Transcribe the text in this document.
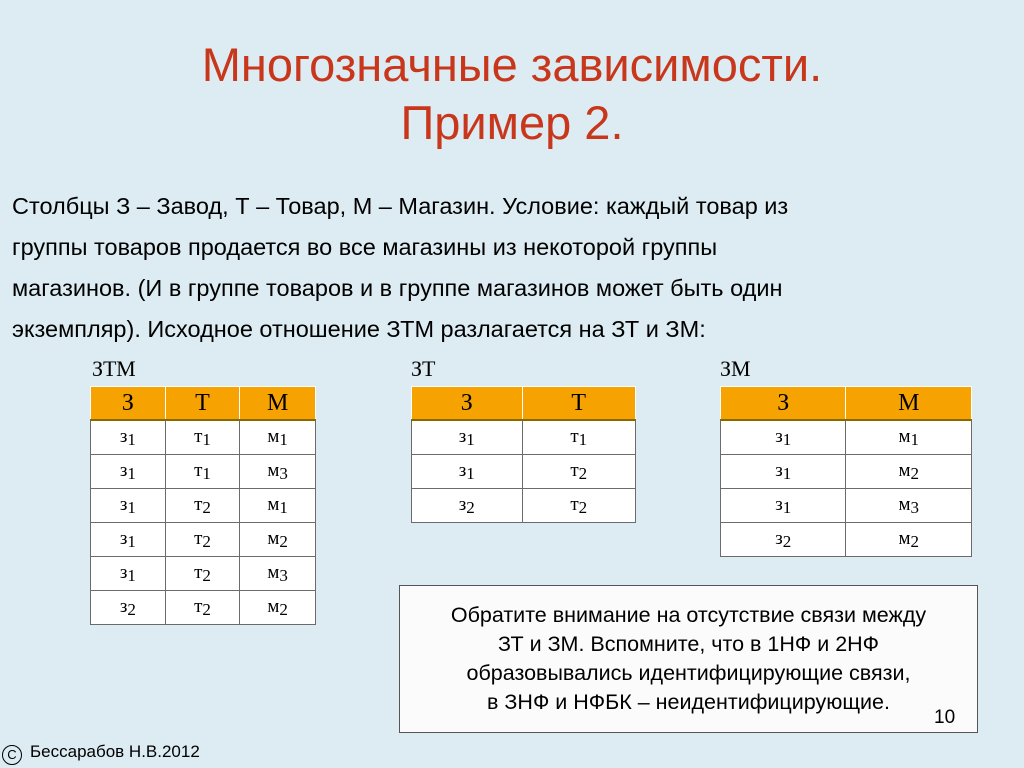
Многозначные зависимости.
Пример 2.
Столбцы З – Завод, Т – Товар, М – Магазин. Условие: каждый товар из
группы товаров продается во все магазины из некоторой группы
магазинов. (И в группе товаров и в группе магазинов может быть один
экземпляр). Исходное отношение ЗТМ разлагается на ЗТ и ЗМ:
ЗТМ
З	Т	М
$з_1$	$т_1$	$м_1$
$з_1$	$т_1$	$м_3$
$з_1$	$т_2$	$м_1$
$з_1$	$т_2$	$м_2$
$з_1$	$т_2$	$м_3$
$з_2$	$т_2$	$м_2$
ЗТ
З	Т
$з_1$	$т_1$
$з_1$	$т_2$
$з_2$	$т_2$
ЗМ
З	М
$з_1$	$м_1$
$з_1$	$м_2$
$з_1$	$м_3$
$з_2$	$м_2$

Обратите внимание на отсутствие связи между
ЗТ и ЗМ. Вспомните, что в 1НФ и 2НФ
образовывались идентифицирующие связи,
в ЗНФ и НФБК – неидентифицирующие.

10
C Бессарабов Н.В.2012
